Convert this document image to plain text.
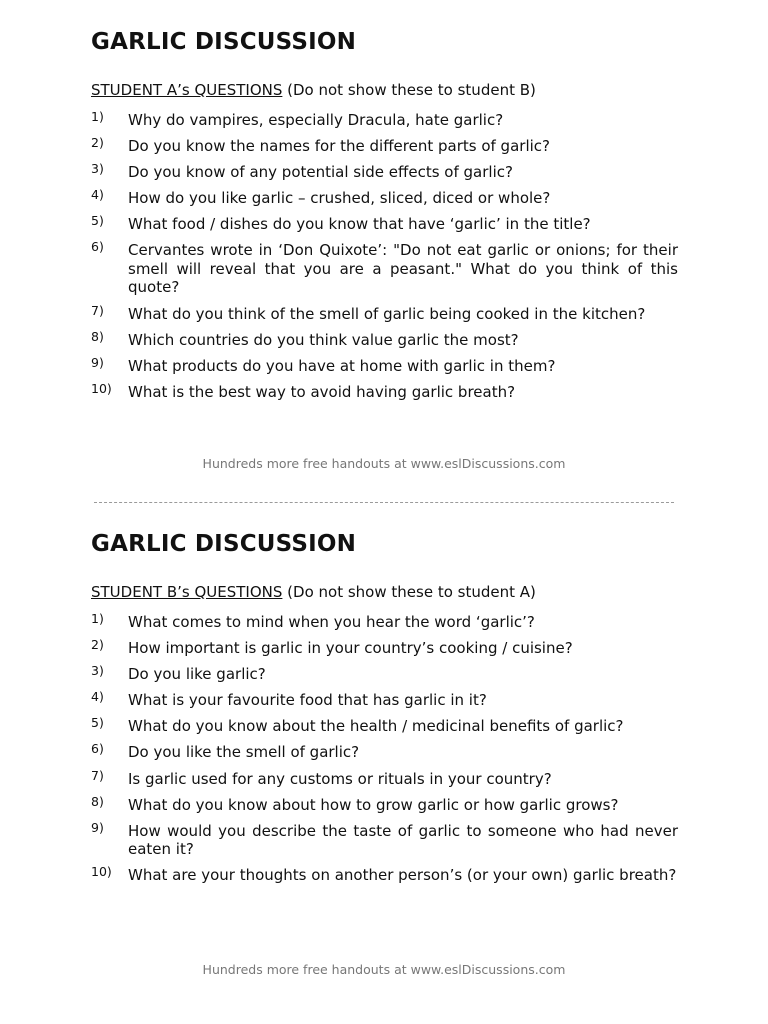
GARLIC DISCUSSION
STUDENT A’s QUESTIONS (Do not show these to student B)
1)	Why do vampires, especially Dracula, hate garlic?
2)	Do you know the names for the different parts of garlic?
3)	Do you know of any potential side effects of garlic?
4)	How do you like garlic – crushed, sliced, diced or whole?
5)	What food / dishes do you know that have ‘garlic’ in the title?
6)	Cervantes wrote in ‘Don Quixote’: "Do not eat garlic or onions; for their smell will reveal that you are a peasant." What do you think of this quote?
7)	What do you think of the smell of garlic being cooked in the kitchen?
8)	Which countries do you think value garlic the most?
9)	What products do you have at home with garlic in them?
10)	What is the best way to avoid having garlic breath?
Hundreds more free handouts at www.eslDiscussions.com
GARLIC DISCUSSION
STUDENT B’s QUESTIONS (Do not show these to student A)
1)	What comes to mind when you hear the word ‘garlic’?
2)	How important is garlic in your country’s cooking / cuisine?
3)	Do you like garlic?
4)	What is your favourite food that has garlic in it?
5)	What do you know about the health / medicinal benefits of garlic?
6)	Do you like the smell of garlic?
7)	Is garlic used for any customs or rituals in your country?
8)	What do you know about how to grow garlic or how garlic grows?
9)	How would you describe the taste of garlic to someone who had never eaten it?
10)	What are your thoughts on another person’s (or your own) garlic breath?
Hundreds more free handouts at www.eslDiscussions.com
